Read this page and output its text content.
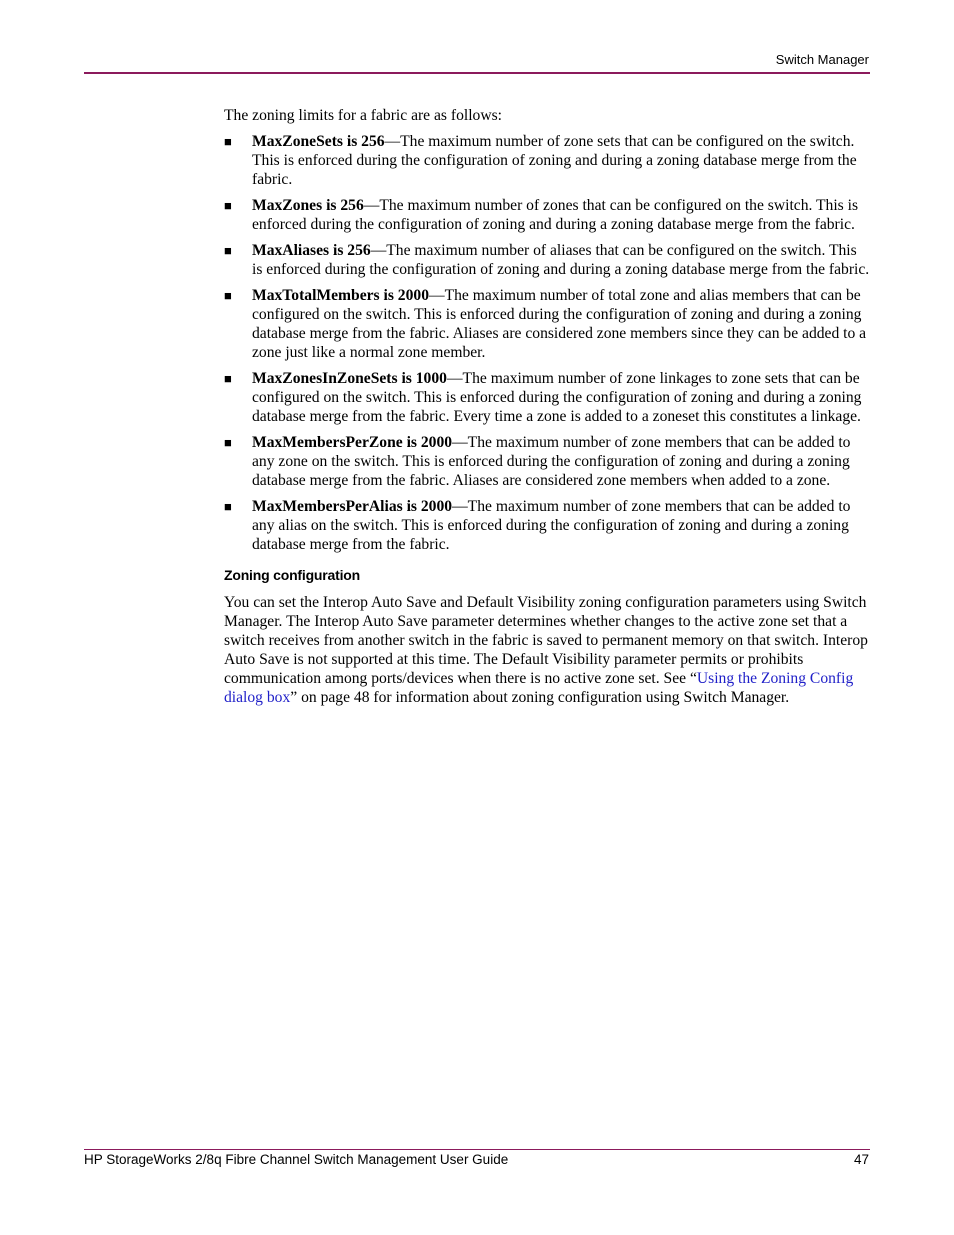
Switch Manager

The zoning limits for a fabric are as follows:

■ MaxZoneSets is 256—The maximum number of zone sets that can be configured on the switch. This is enforced during the configuration of zoning and during a zoning database merge from the fabric.
■ MaxZones is 256—The maximum number of zones that can be configured on the switch. This is enforced during the configuration of zoning and during a zoning database merge from the fabric.
■ MaxAliases is 256—The maximum number of aliases that can be configured on the switch. This is enforced during the configuration of zoning and during a zoning database merge from the fabric.
■ MaxTotalMembers is 2000—The maximum number of total zone and alias members that can be configured on the switch. This is enforced during the configuration of zoning and during a zoning database merge from the fabric. Aliases are considered zone members since they can be added to a zone just like a normal zone member.
■ MaxZonesInZoneSets is 1000—The maximum number of zone linkages to zone sets that can be configured on the switch. This is enforced during the configuration of zoning and during a zoning database merge from the fabric. Every time a zone is added to a zoneset this constitutes a linkage.
■ MaxMembersPerZone is 2000—The maximum number of zone members that can be added to any zone on the switch. This is enforced during the configuration of zoning and during a zoning database merge from the fabric. Aliases are considered zone members when added to a zone.
■ MaxMembersPerAlias is 2000—The maximum number of zone members that can be added to any alias on the switch. This is enforced during the configuration of zoning and during a zoning database merge from the fabric.

Zoning configuration

You can set the Interop Auto Save and Default Visibility zoning configuration parameters using Switch Manager. The Interop Auto Save parameter determines whether changes to the active zone set that a switch receives from another switch in the fabric is saved to permanent memory on that switch. Interop Auto Save is not supported at this time. The Default Visibility parameter permits or prohibits communication among ports/devices when there is no active zone set. See “Using the Zoning Config dialog box” on page 48 for information about zoning configuration using Switch Manager.

HP StorageWorks 2/8q Fibre Channel Switch Management User Guide	47
